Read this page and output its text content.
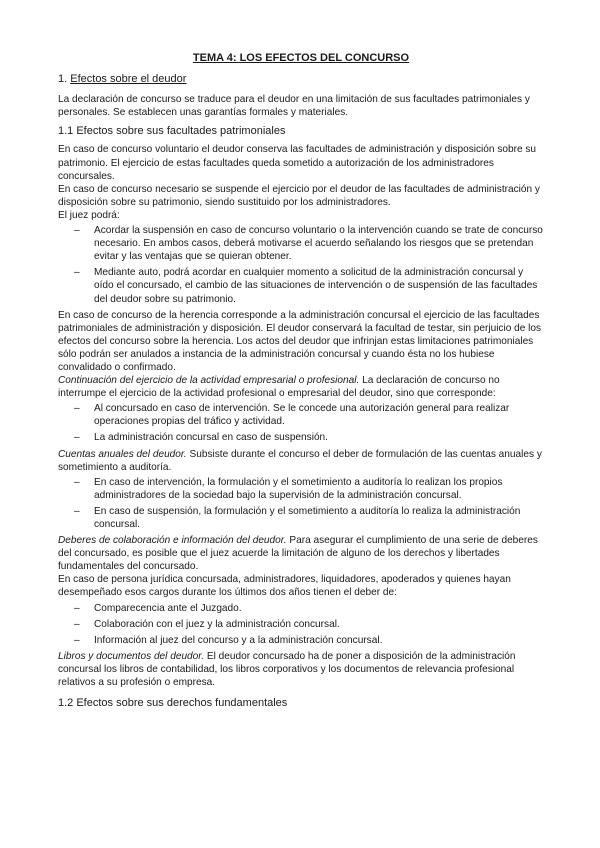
TEMA 4: LOS EFECTOS DEL CONCURSO
1. Efectos sobre el deudor

La declaración de concurso se traduce para el deudor en una limitación de sus facultades patrimoniales y personales. Se establecen unas garantías formales y materiales.

1.1 Efectos sobre sus facultades patrimoniales

En caso de concurso voluntario el deudor conserva las facultades de administración y disposición sobre su patrimonio. El ejercicio de estas facultades queda sometido a autorización de los administradores concursales.

En caso de concurso necesario se suspende el ejercicio por el deudor de las facultades de administración y disposición sobre su patrimonio, siendo sustituido por los administradores.

El juez podrá:

– Acordar la suspensión en caso de concurso voluntario o la intervención cuando se trate de concurso necesario. En ambos casos, deberá motivarse el acuerdo señalando los riesgos que se pretendan evitar y las ventajas que se quieran obtener.
– Mediante auto, podrá acordar en cualquier momento a solicitud de la administración concursal y oído el concursado, el cambio de las situaciones de intervención o de suspensión de las facultades del deudor sobre su patrimonio.

En caso de concurso de la herencia corresponde a la administración concursal el ejercicio de las facultades patrimoniales de administración y disposición. El deudor conservará la facultad de testar, sin perjuicio de los efectos del concurso sobre la herencia. Los actos del deudor que infrinjan estas limitaciones patrimoniales sólo podrán ser anulados a instancia de la administración concursal y cuando ésta no los hubiese convalidado o confirmado.

Continuación del ejercicio de la actividad empresarial o profesional. La declaración de concurso no interrumpe el ejercicio de la actividad profesional o empresarial del deudor, sino que corresponde:

– Al concursado en caso de intervención. Se le concede una autorización general para realizar operaciones propias del tráfico y actividad.
– La administración concursal en caso de suspensión.

Cuentas anuales del deudor. Subsiste durante el concurso el deber de formulación de las cuentas anuales y sometimiento a auditoría.

– En caso de intervención, la formulación y el sometimiento a auditoría lo realizan los propios administradores de la sociedad bajo la supervisión de la administración concursal.
– En caso de suspensión, la formulación y el sometimiento a auditoría lo realiza la administración concursal.

Deberes de colaboración e información del deudor. Para asegurar el cumplimiento de una serie de deberes del concursado, es posible que el juez acuerde la limitación de alguno de los derechos y libertades fundamentales del concursado.

En caso de persona jurídica concursada, administradores, liquidadores, apoderados y quienes hayan desempeñado esos cargos durante los últimos dos años tienen el deber de:

– Comparecencia ante el Juzgado.
– Colaboración con el juez y la administración concursal.
– Información al juez del concurso y a la administración concursal.

Libros y documentos del deudor. El deudor concursado ha de poner a disposición de la administración concursal los libros de contabilidad, los libros corporativos y los documentos de relevancia profesional relativos a su profesión o empresa.

1.2 Efectos sobre sus derechos fundamentales
